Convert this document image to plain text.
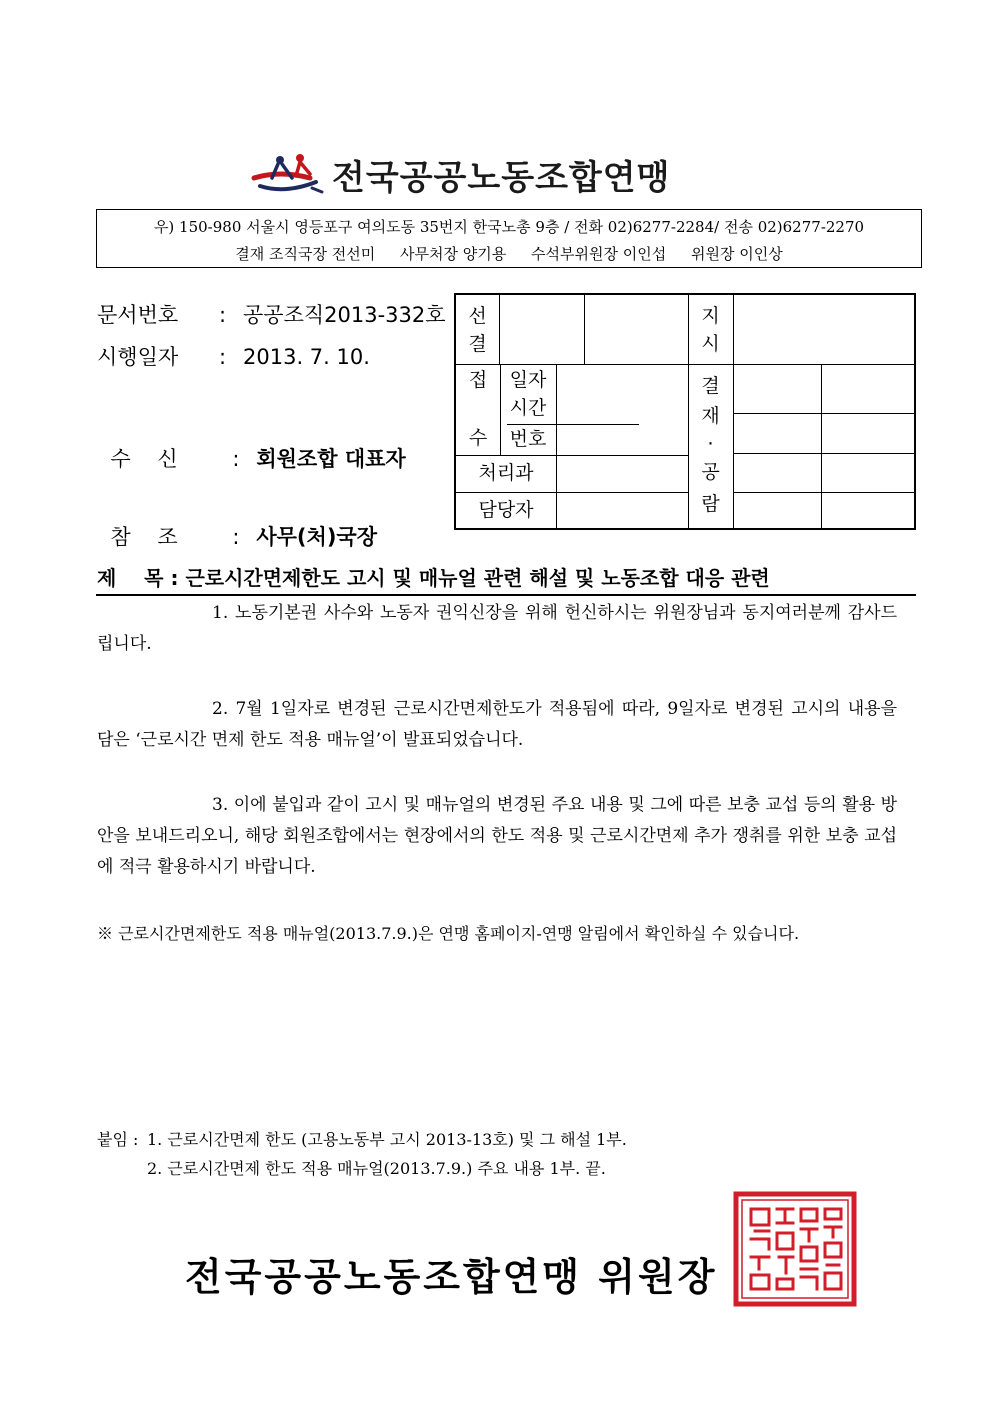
전국공공노동조합연맹
우) 150-980 서울시 영등포구 여의도동 35번지 한국노총 9층 / 전화 02)6277-2284/ 전송 02)6277-2270
결재 조직국장 전선미 사무처장 양기용 수석부위원장 이인섭 위원장 이인상
문서번호 : 공공조직2013-332호
시행일자 : 2013. 7. 10.

수    신	: 회원조합 대표자

참    조	: 사무(처)국장

선
결
지
시
접
수
일자
시간
번호
처리과
담당자
결
재
·
공
람
제    목 : 근로시간면제한도 고시 및 매뉴얼 관련 해설 및 노동조합 대응 관련
1. 노동기본권 사수와 노동자 권익신장을 위해 헌신하시는 위원장님과 동지여러분께 감사드립니다.
2. 7월 1일자로 변경된 근로시간면제한도가 적용됨에 따라, 9일자로 변경된 고시의 내용을 담은 ‘근로시간 면제 한도 적용 매뉴얼’이 발표되었습니다.
3. 이에 붙입과 같이 고시 및 매뉴얼의 변경된 주요 내용 및 그에 따른 보충 교섭 등의 활용 방안을 보내드리오니, 해당 회원조합에서는 현장에서의 한도 적용 및 근로시간면제 추가 쟁취를 위한 보충 교섭에 적극 활용하시기 바랍니다.
※ 근로시간면제한도 적용 매뉴얼(2013.7.9.)은 연맹 홈페이지-연맹 알림에서 확인하실 수 있습니다.
붙임 : 1. 근로시간면제 한도 (고용노동부 고시 2013-13호) 및 그 해설 1부.
2. 근로시간면제 한도 적용 매뉴얼(2013.7.9.) 주요 내용 1부. 끝.
전국공공노동조합연맹 위원장
